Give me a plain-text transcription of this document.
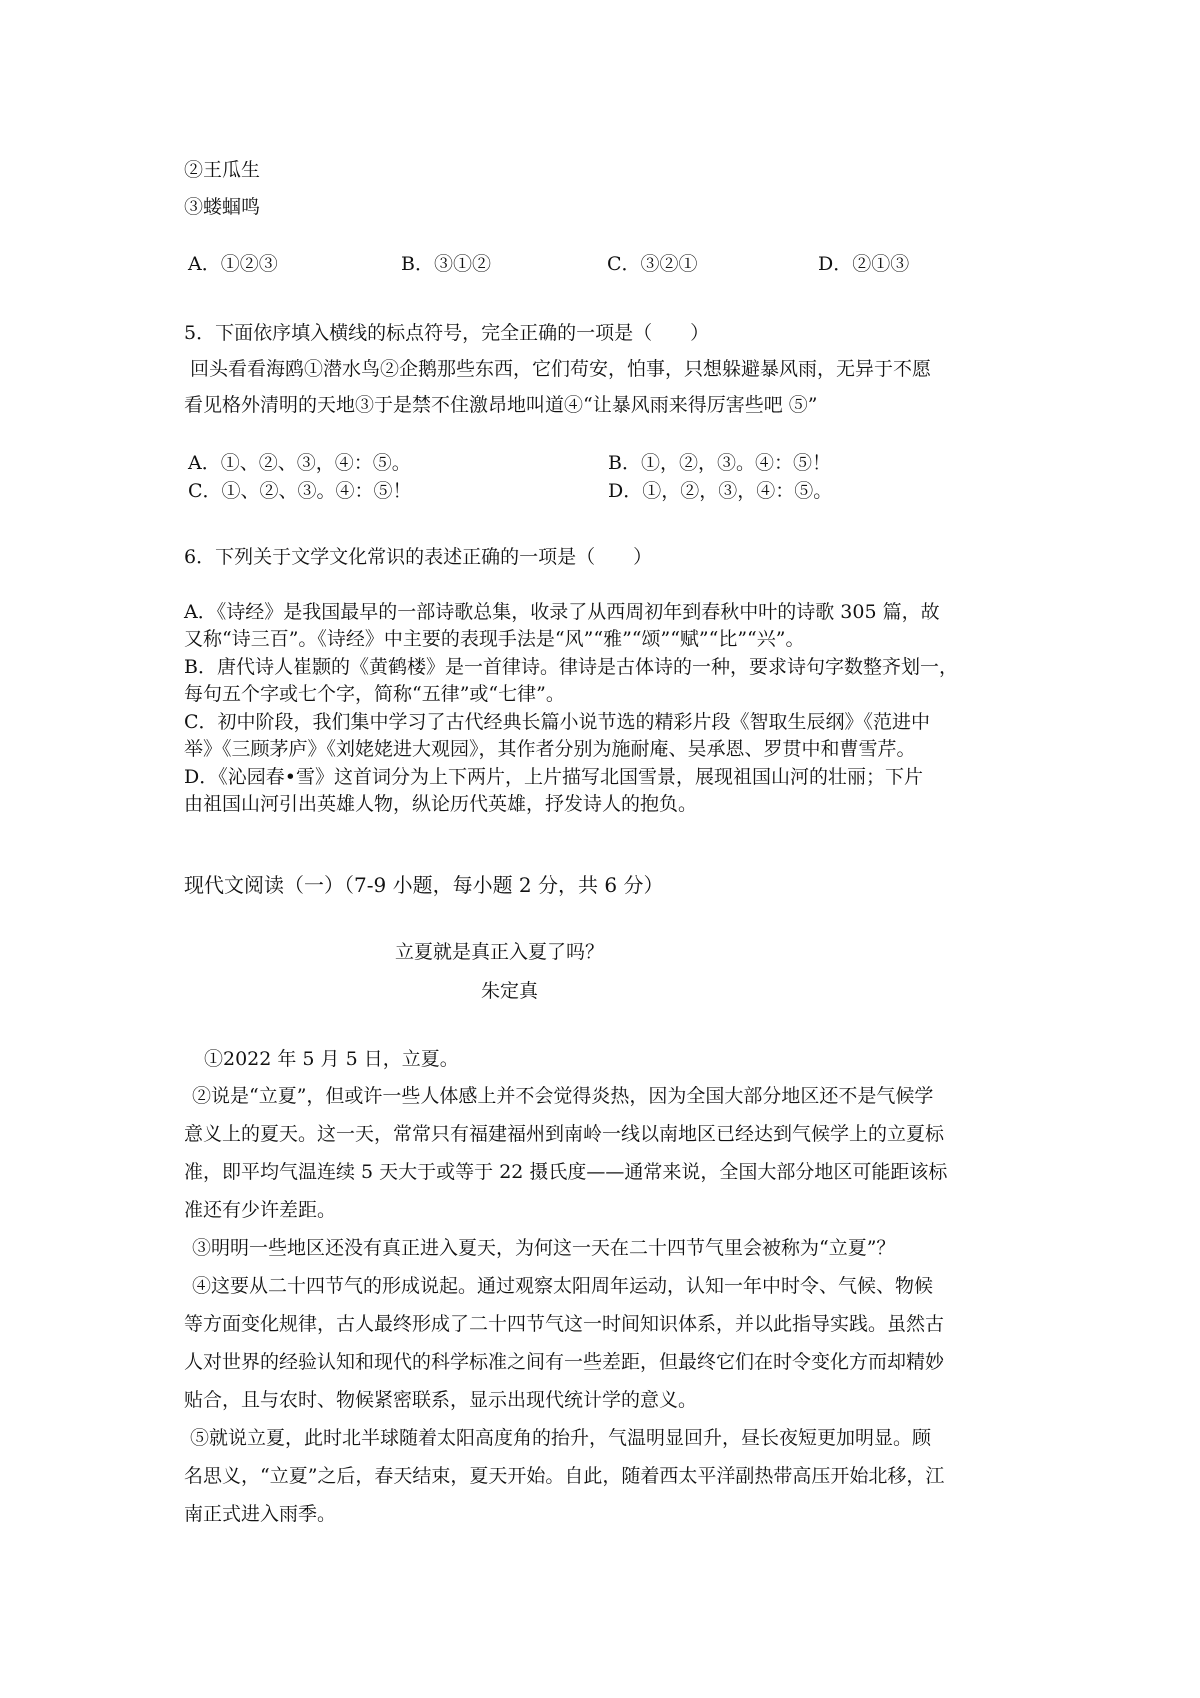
②王瓜生
③蝼蝈鸣
A．①②③	B．③①②	C．③②①	D．②①③
5．下面依序填入横线的标点符号，完全正确的一项是（　　）
回头看看海鸥①潜水鸟②企鹅那些东西，它们苟安，怕事，只想躲避暴风雨，无异于不愿
看见格外清明的天地③于是禁不住激昂地叫道④“让暴风雨来得厉害些吧 ⑤”
A．①、②、③，④：⑤。	B．①，②，③。④：⑤！
C．①、②、③。④：⑤！	D．①，②，③，④：⑤。
6．下列关于文学文化常识的表述正确的一项是（　　）
A．《诗经》是我国最早的一部诗歌总集，收录了从西周初年到春秋中叶的诗歌 305 篇，故
又称“诗三百”。《诗经》中主要的表现手法是“风”“雅”“颂”“赋”“比”“兴”。
B．唐代诗人崔颢的《黄鹤楼》是一首律诗。律诗是古体诗的一种，要求诗句字数整齐划一，
每句五个字或七个字，简称“五律”或“七律”。
C．初中阶段，我们集中学习了古代经典长篇小说节选的精彩片段《智取生辰纲》《范进中
举》《三顾茅庐》《刘姥姥进大观园》，其作者分别为施耐庵、吴承恩、罗贯中和曹雪芹。
D．《沁园春•雪》这首词分为上下两片，上片描写北国雪景，展现祖国山河的壮丽；下片
由祖国山河引出英雄人物，纵论历代英雄，抒发诗人的抱负。
现代文阅读（一）（7-9 小题，每小题 2 分，共 6 分）
立夏就是真正入夏了吗？
朱定真
①2022 年 5 月 5 日，立夏。
②说是“立夏”，但或许一些人体感上并不会觉得炎热，因为全国大部分地区还不是气候学
意义上的夏天。这一天，常常只有福建福州到南岭一线以南地区已经达到气候学上的立夏标
准，即平均气温连续 5 天大于或等于 22 摄氏度——通常来说，全国大部分地区可能距该标
准还有少许差距。
③明明一些地区还没有真正进入夏天，为何这一天在二十四节气里会被称为“立夏”？
④这要从二十四节气的形成说起。通过观察太阳周年运动，认知一年中时令、气候、物候
等方面变化规律，古人最终形成了二十四节气这一时间知识体系，并以此指导实践。虽然古
人对世界的经验认知和现代的科学标准之间有一些差距，但最终它们在时令变化方而却精妙
贴合，且与农时、物候紧密联系，显示出现代统计学的意义。
⑤就说立夏，此时北半球随着太阳高度角的抬升，气温明显回升，昼长夜短更加明显。顾
名思义，“立夏”之后，春天结束，夏天开始。自此，随着西太平洋副热带高压开始北移，江
南正式进入雨季。
